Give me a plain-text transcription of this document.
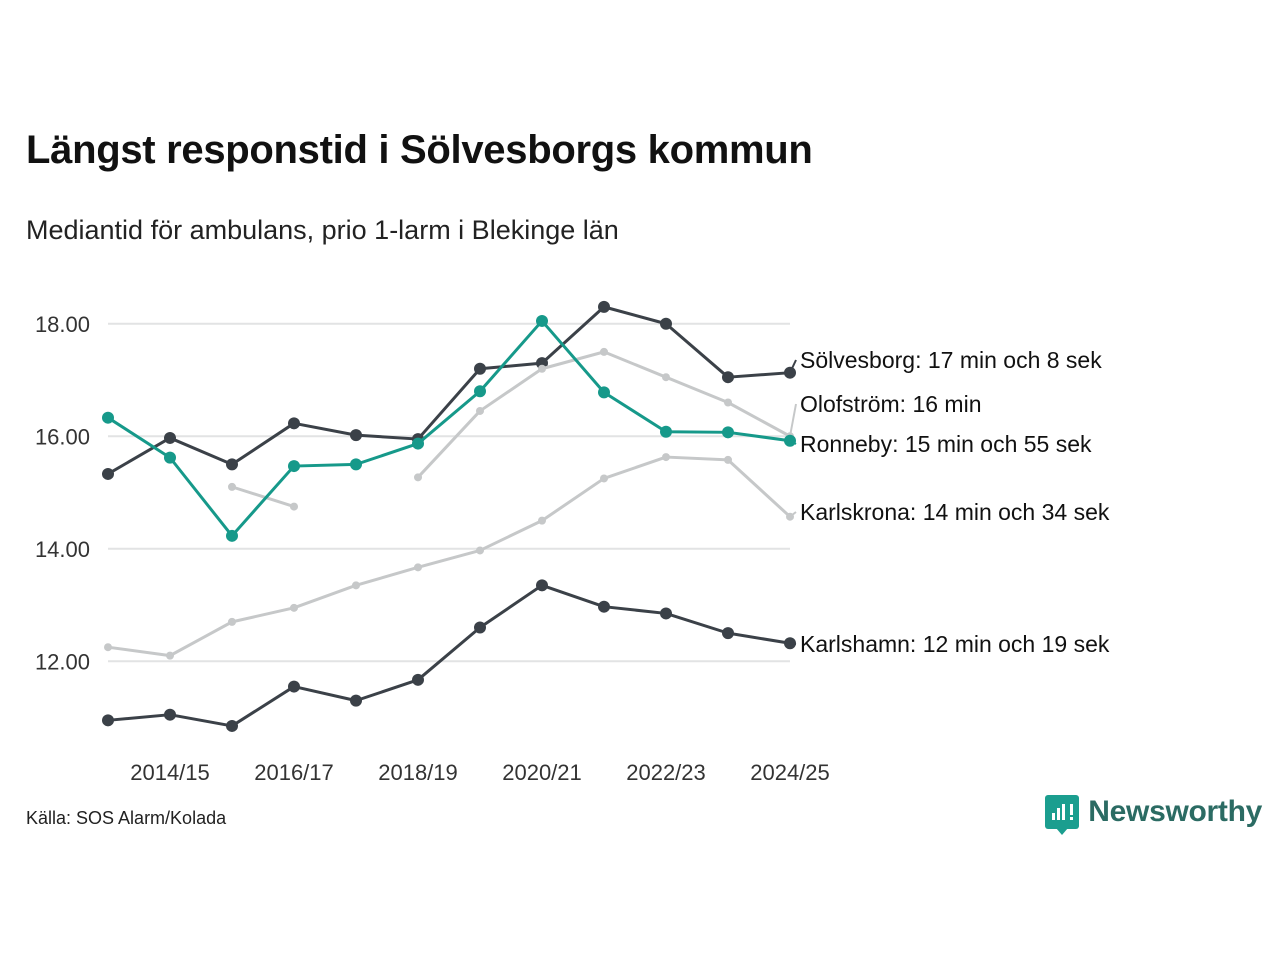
Längst responstid i Sölvesborgs kommun
Mediantid för ambulans, prio 1-larm i Blekinge län
12.00
14.00
16.00
18.00
2014/15 2016/17 2018/19 2020/21 2022/23 2024/25
Sölvesborg: 17 min och 8 sek
Olofström: 16 min
Ronneby: 15 min och 55 sek
Karlskrona: 14 min och 34 sek
Karlshamn: 12 min och 19 sek
Källa: SOS Alarm/Kolada	Newsworthy
